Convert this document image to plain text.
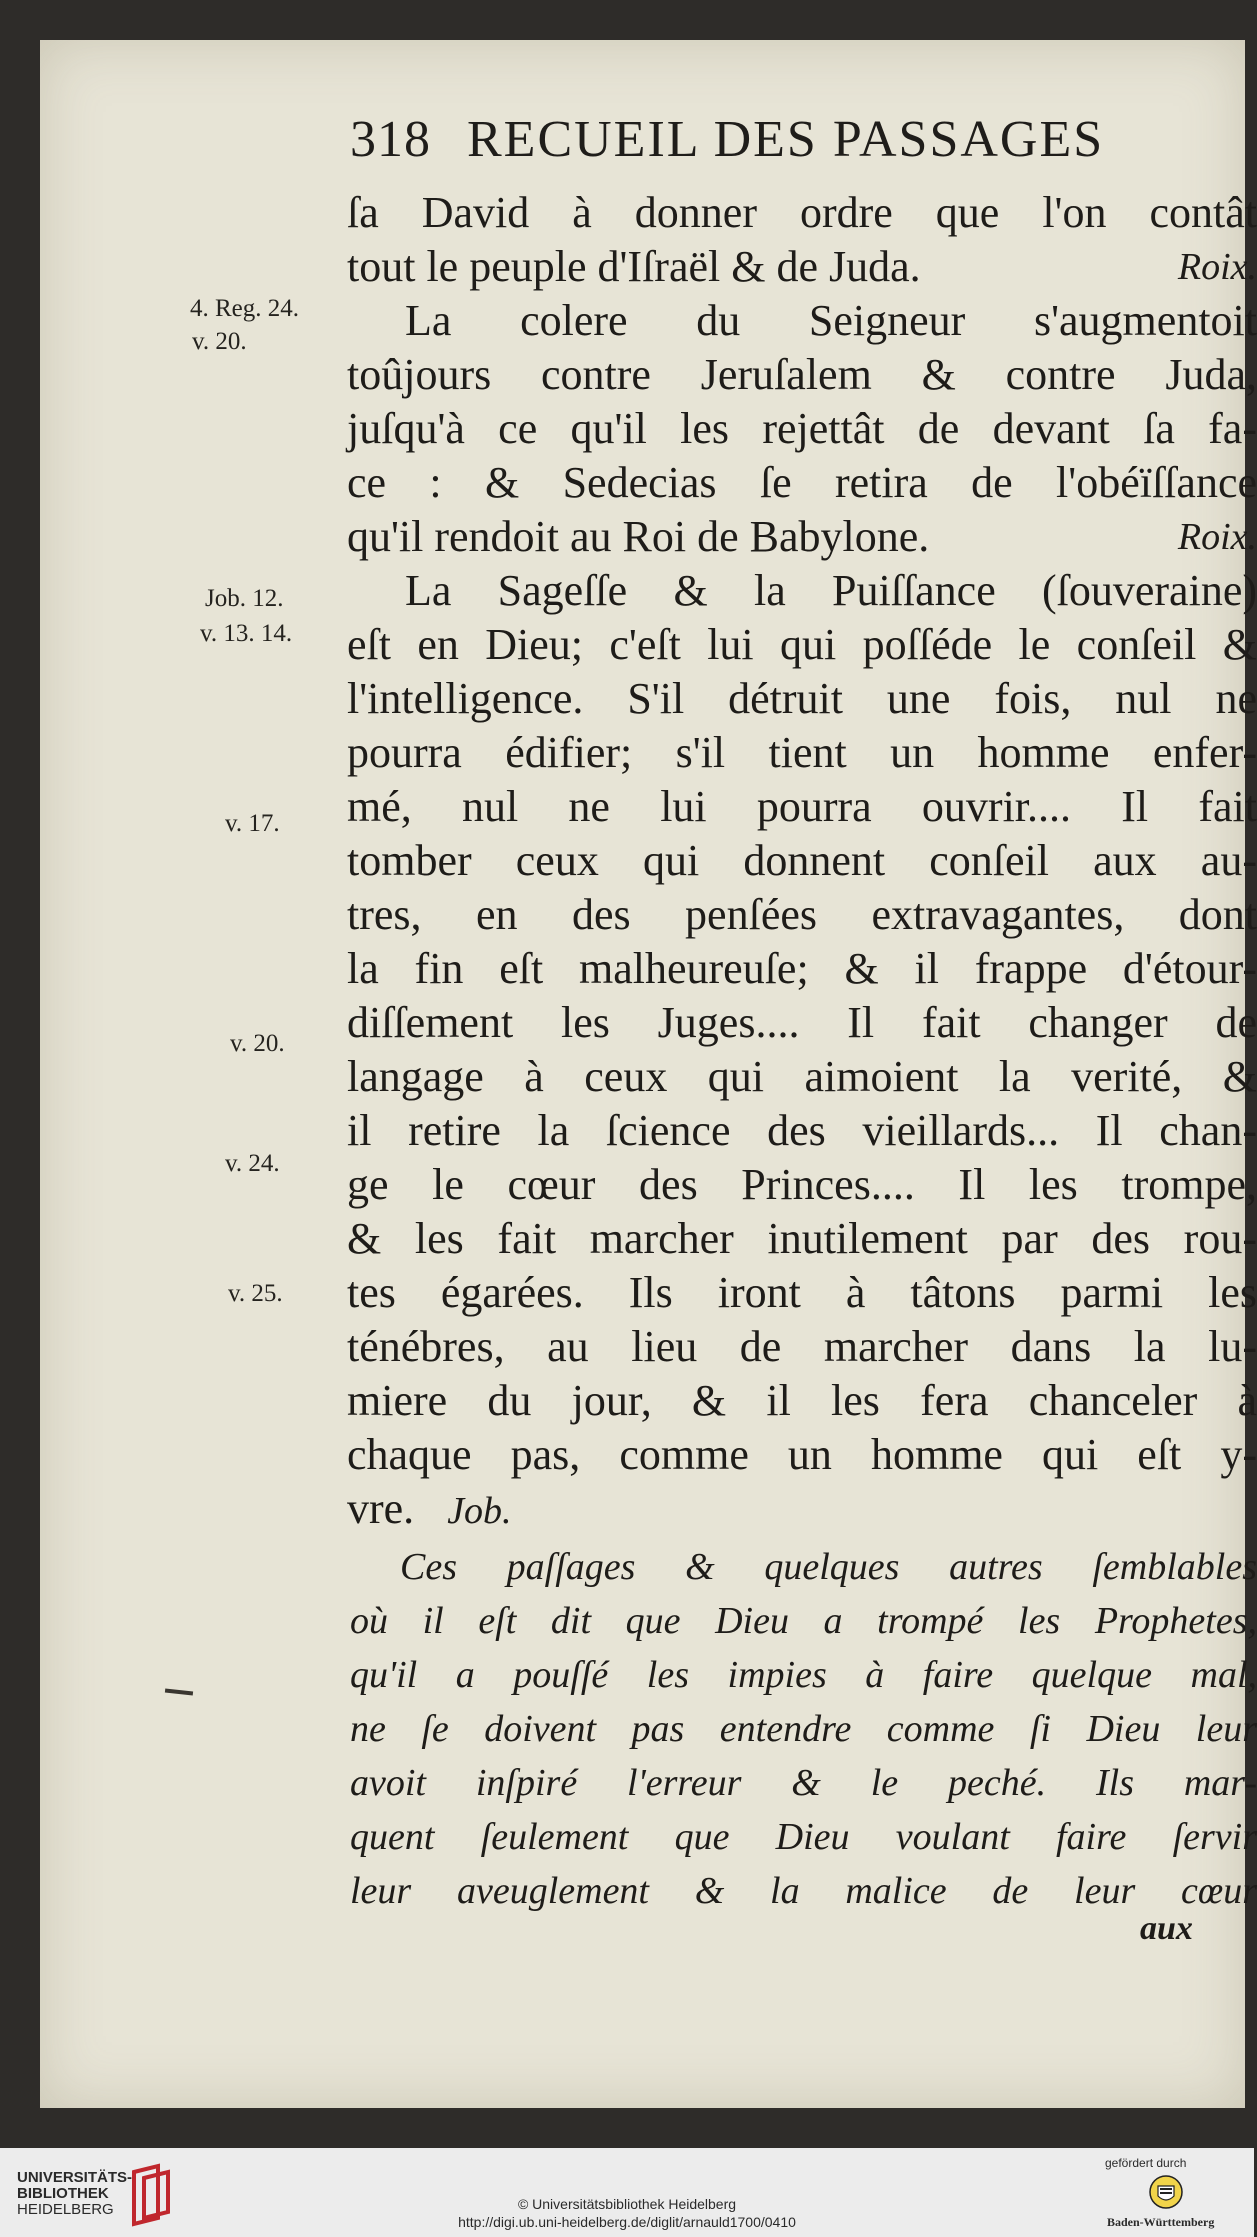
318 RECUEIL DES PASSAGES
4. Reg. 24.
v. 20.
Job. 12.
v. 13. 14.
v. 17.
v. 20.
v. 24.
v. 25.
ſa David à donner ordre que l'on contât
tout le peuple d'Iſraël & de Juda.	Roix.
La colere du Seigneur s'augmentoit
toûjours contre Jeruſalem & contre Juda,
juſqu'à ce qu'il les rejettât de devant ſa fa-
ce : & Sedecias ſe retira de l'obéïſſance
qu'il rendoit au Roi de Babylone.	Roix.
La Sageſſe & la Puiſſance (ſouveraine)
eſt en Dieu; c'eſt lui qui poſſéde le conſeil &
l'intelligence. S'il détruit une fois, nul ne
pourra édifier; s'il tient un homme enfer-
mé, nul ne lui pourra ouvrir.... Il fait
tomber ceux qui donnent conſeil aux au-
tres, en des penſées extravagantes, dont
la fin eſt malheureuſe; & il frappe d'étour-
diſſement les Juges.... Il fait changer de
langage à ceux qui aimoient la verité, &
il retire la ſcience des vieillards... Il chan-
ge le cœur des Princes.... Il les trompe,
& les fait marcher inutilement par des rou-
tes égarées. Ils iront à tâtons parmi les
ténébres, au lieu de marcher dans la lu-
miere du jour, & il les fera chanceler à
chaque pas, comme un homme qui eſt y-
vre. Job.
Ces paſſages & quelques autres ſemblables
où il eſt dit que Dieu a trompé les Prophetes,
qu'il a pouſſé les impies à faire quelque mal,
ne ſe doivent pas entendre comme ſi Dieu leur
avoit inſpiré l'erreur & le peché. Ils mar-
quent ſeulement que Dieu voulant faire ſervir
leur aveuglement & la malice de leur cœur
aux
UNIVERSITÄTS-
BIBLIOTHEK
HEIDELBERG	© Universitätsbibliothek Heidelberg
http://digi.ub.uni-heidelberg.de/diglit/arnauld1700/0410
gefördert durch
Baden-Württemberg
